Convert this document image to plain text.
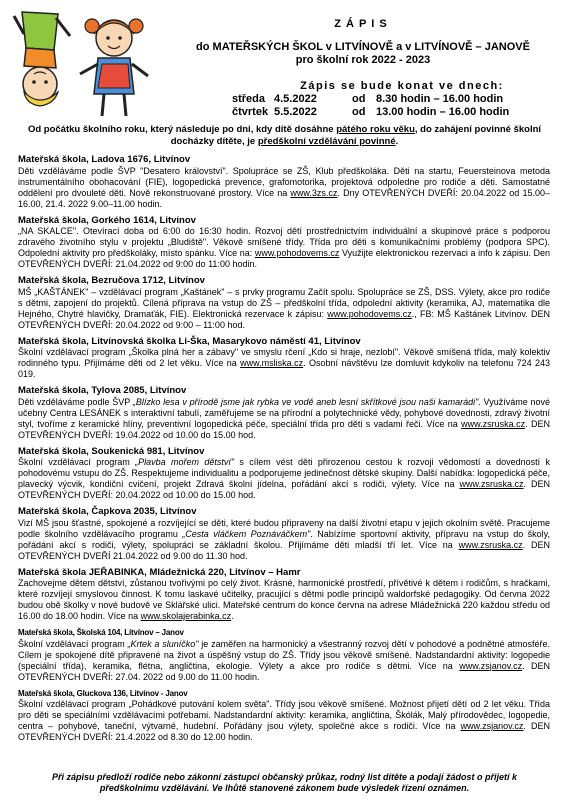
ZÁPIS
do MATEŘSKÝCH ŠKOL v LITVÍNOVĚ a v LITVÍNOVĚ – JANOVĚ
pro školní rok 2022 - 2023
Zápis se bude konat ve dnech:
středa 4.5.2022	od 8.30 hodin – 16.00 hodin
čtvrtek 5.5.2022	od 13.00 hodin – 16.00 hodin
Od počátku školního roku, který následuje po dni, kdy dítě dosáhne pátého roku věku, do zahájení povinné školní docházky dítěte, je předškolní vzdělávání povinné.
Mateřská škola, Ladova 1676, Litvínov
Děti vzděláváme podle ŠVP "Desatero království". Spolupráce se ZŠ, Klub předškoláka. Děti na startu, Feuersteinova metoda instrumentálního obohacování (FIE), logopedická prevence, grafomotorika, projektová odpoledne pro rodiče a děti. Samostatné oddělení pro dvouleté děti. Nově rekonstruované prostory. Více na www.3zs.cz. Dny OTEVŘENÝCH DVEŘÍ: 20.04.2022 od 15.00–16.00, 21.4. 2022 9.00–11.00 hodin.
Mateřská škola, Gorkého 1614, Litvínov
„NA SKALCE". Otevírací doba od 6:00 do 16:30 hodin. Rozvoj dětí prostřednictvím individuální a skupinové práce s podporou zdravého životního stylu v projektu „Bludiště". Věkově smíšené třídy. Třída pro děti s komunikačními problémy (podpora SPC). Odpolední aktivity pro předškoláky, místo spánku. Více na: www.pohodovems.cz Využijte elektronickou rezervaci a info k zápisu. Den OTEVŘENÝCH DVEŘÍ: 21.04.2022 od 9:00 do 11:00 hodin.
Mateřská škola, Bezručova 1712, Litvínov
MŠ „KAŠTÁNEK" – vzdělávací program „Kaštánek" – s prvky programu Začít spolu. Spolupráce se ZŠ, DSS. Výlety, akce pro rodiče s dětmi, zapojení do projektů. Cílená příprava na vstup do ZŠ – předškolní třída, odpolední aktivity (keramika, AJ, matematika dle Hejného, Chytré hlavičky, Dramaťák, FIE). Elektronická rezervace k zápisu: www.pohodovems.cz., FB: MŠ Kaštánek Litvínov. DEN OTEVŘENÝCH DVEŘÍ: 20.04.2022 od 9:00 – 11:00 hod.
Mateřská škola, Litvínovská školka Li-Ška, Masarykovo náměstí 41, Litvínov
Školní vzdělávací program „Školka plná her a zábavy" ve smyslu rčení „Kdo si hraje, nezlobí". Věkově smíšená třída, malý kolektiv rodinného typu. Přijímáme děti od 2 let věku. Více na www.msliska.cz. Osobní návštěvu lze domluvit kdykoliv na telefonu 724 243 019.
Mateřská škola, Tylova 2085, Litvínov
Děti vzděláváme podle ŠVP „Blízko lesa v přírodě jsme jak rybka ve vodě aneb lesní skřítkové jsou naši kamarádi". Využíváme nové učebny Centra LESÁNEK s interaktivní tabulí, zaměřujeme se na přírodní a polytechnické vědy, pohybové dovednosti, zdravý životní styl, tvoříme z keramické hlíny, preventivní logopedická péče, speciální třída pro děti s vadami řeči. Více na www.zsruska.cz. DEN OTEVŘENÝCH DVEŘÍ: 19.04.2022 od 10.00 do 15.00 hod.
Mateřská škola, Soukenická 981, Litvínov
Školní vzdělávací program „Plavba mořem dětství" s cílem vést děti přirozenou cestou k rozvoji vědomostí a dovedností k pohodovému vstupu do ZŠ. Respektujeme individualitu a podporujeme jedinečnost dětské skupiny. Další nabídka: logopedická péče, plavecký výcvik, kondiční cvičení, projekt Zdravá školní jídelna, pořádání akcí s rodiči, výlety. Více na www.zsruska.cz. DEN OTEVŘENÝCH DVEŘÍ: 20.04.2022 od 10.00 do 15.00 hod.
Mateřská škola, Čapkova 2035, Litvínov
Vizí MŠ jsou šťastné, spokojené a rozvíjející se děti, které budou připraveny na další životní etapu v jejich okolním světě. Pracujeme podle školního vzdělávacího programu „Cesta vláčkem Poznáváčkem". Nabízíme sportovní aktivity, přípravu na vstup do školy, pořádání akcí s rodiči, výlety, spolupráci se základní školou. Přijímáme děti mladší tří let. Více na www.zsruska.cz. DEN OTEVŘENÝCH DVEŘÍ 21.04.2022 od 9.00 do 11.30 hod.
Mateřská škola JEŘABINKA, Mládežnická 220, Litvínov – Hamr
Zachovejme dětem dětství, zůstanou tvořivými po celý život. Krásné, harmonické prostředí, přívětivé k dětem i rodičům, s hračkami, které rozvíjejí smyslovou činnost. K tomu laskavé učitelky, pracující s dětmi podle principů waldorfské pedagogiky. Od června 2022 budou obě školky v nové budově ve Sklářské ulici. Mateřské centrum do konce června na adrese Mládežnická 220 každou středu od 16.00 do 18.00 hodin. Více na www.skolajerabinka.cz.
Mateřská škola, Školská 104, Litvínov – Janov
Školní vzdělávací program „Krtek a sluníčko" je zaměřen na harmonický a všestranný rozvoj dětí v pohodové a podnětné atmosféře. Cílem je spokojené dítě připravené na život a úspěšný vstup do ZŠ. Třídy jsou věkově smíšené. Nadstandardní aktivity: logopedie (speciální třída), keramika, flétna, angličtina, ekologie. Výlety a akce pro rodiče s dětmi. Více na www.zsjanov.cz. DEN OTEVŘENÝCH DVEŘÍ: 27.04. 2022 od 9.00 do 11.00 hodin.
Mateřská škola, Gluckova 136, Litvínov - Janov
Školní vzdělávací program „Pohádkové putování kolem světa". Třídy jsou věkově smíšené. Možnost přijetí dětí od 2 let věku. Třída pro děti se speciálními vzdělávacími potřebami. Nadstandardní aktivity: keramika, angličtina, Škólák, Malý přírodovědec, logopedie, centra – pohybové, taneční, výtvarné, hudební. Pořádány jsou výlety, společné akce s rodiči. Více na www.zsjanov.cz. DEN OTEVŘENÝCH DVEŘÍ: 21.4.2022 od 8.30 do 12.00 hodin.
Při zápisu předloží rodiče nebo zákonní zástupci občanský průkaz, rodný list dítěte a podají žádost o přijetí k předškolnímu vzdělávání. Ve lhůtě stanovené zákonem bude výsledek řízení oznámen.
